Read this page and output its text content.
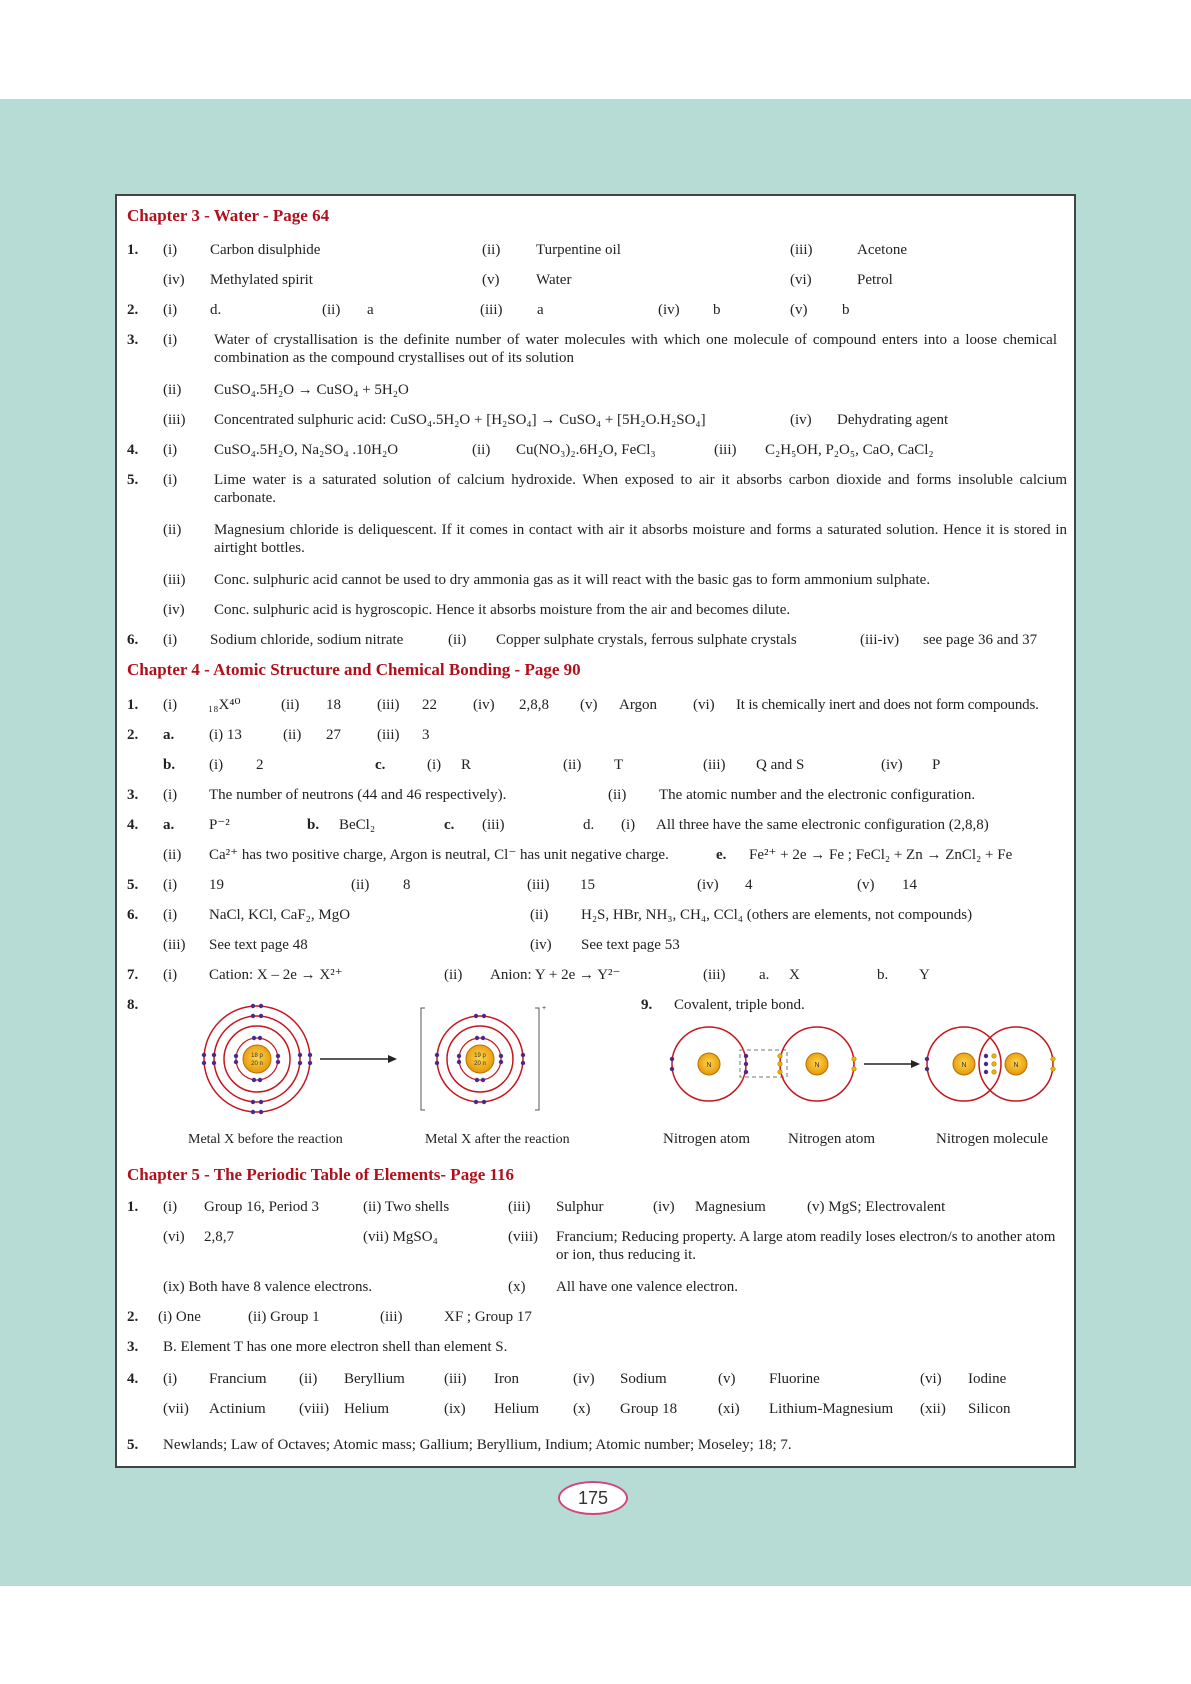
Chapter 3 - Water - Page 64
1. (i) Carbon disulphide	(ii) Turpentine oil	(iii)	Acetone
(iv) Methylated spirit	(v) Water	(vi)	Petrol
2. (i) d.	(ii) a	(iii) a	(iv) b	(v) b
3. (i) Water of crystallisation is the definite number of water molecules with which one molecule of compound enters into a loose chemical combination as the compound crystallises out of its solution
(ii) CuSO₄.5H₂O → CuSO₄ + 5H₂O
(iii) Concentrated sulphuric acid: CuSO₄.5H₂O + [H₂SO₄] → CuSO₄ + [5H₂O.H₂SO₄]	(iv) Dehydrating agent
4. (i) CuSO₄.5H₂O, Na₂SO₄ .10H₂O	(ii) Cu(NO₃)₂.6H₂O, FeCl₃	(iii) C₂H₅OH, P₂O₅, CaO, CaCl₂
5. (i) Lime water is a saturated solution of calcium hydroxide. When exposed to air it absorbs carbon dioxide and forms insoluble calcium carbonate.
(ii) Magnesium chloride is deliquescent. If it comes in contact with air it absorbs moisture and forms a saturated solution. Hence it is stored in airtight bottles.
(iii) Conc. sulphuric acid cannot be used to dry ammonia gas as it will react with the basic gas to form ammonium sulphate.
(iv) Conc. sulphuric acid is hygroscopic. Hence it absorbs moisture from the air and becomes dilute.
6. (i) Sodium chloride, sodium nitrate	(ii) Copper sulphate crystals, ferrous sulphate crystals	(iii-iv) see page 36 and 37
Chapter 4 - Atomic Structure and Chemical Bonding - Page 90
1. (i) ₁₈X⁴⁰	(ii) 18 (iii) 22 (iv) 2,8,8 (v) Argon (vi) It is chemically inert and does not form compounds.
2. a. (i) 13	(ii) 27 (iii) 3
b. (i) 2	c.	(i) R	(ii) T	(iii) Q and S	(iv) P
3. (i) The number of neutrons (44 and 46 respectively).	(ii) The atomic number and the electronic configuration.
4. a. P⁻²	b. BeCl₂	c. (iii)	d. (i) All three have the same electronic configuration (2,8,8)
(ii) Ca²⁺ has two positive charge, Argon is neutral, Cl⁻ has unit negative charge.	e. Fe²⁺ + 2e → Fe ; FeCl₂ + Zn → ZnCl₂ + Fe
5. (i) 19	(ii) 8	(iii) 15	(iv) 4	(v) 14
6. (i) NaCl, KCl, CaF₂, MgO	(ii) H₂S, HBr, NH₃, CH₄, CCl₄ (others are elements, not compounds)
(iii) See text page 48	(iv) See text page 53
7. (i) Cation: X – 2e → X²⁺	(ii) Anion: Y + 2e → Y²⁻	(iii) a. X	b. Y
8.	9. Covalent, triple bond.
18 p
20 n
19 p
20 n
+
Metal X before the reaction	Metal X after the reaction
N	N	N	N
Nitrogen atom	Nitrogen atom	Nitrogen molecule
Chapter 5 - The Periodic Table of Elements- Page 116
1. (i) Group 16, Period 3	(ii) Two shells	(iii) Sulphur	(iv) Magnesium	(v) MgS; Electrovalent
(vi) 2,8,7	(vii) MgSO₄	(viii) Francium; Reducing property. A large atom readily loses electron/s to another atom or ion, thus reducing it.
(ix) Both have 8 valence electrons.	(x) All have one valence electron.
2. (i) One	(ii) Group 1	(iii)	XF ; Group 17
3. B. Element T has one more electron shell than element S.
4. (i) Francium (ii) Beryllium	(iii) Iron	(iv) Sodium	(v) Fluorine	(vi) Iodine
(vii) Actinium (viii) Helium	(ix) Helium (x) Group 18	(xi) Lithium-Magnesium (xii) Silicon
5. Newlands; Law of Octaves; Atomic mass; Gallium; Beryllium, Indium; Atomic number; Moseley; 18; 7.
175
